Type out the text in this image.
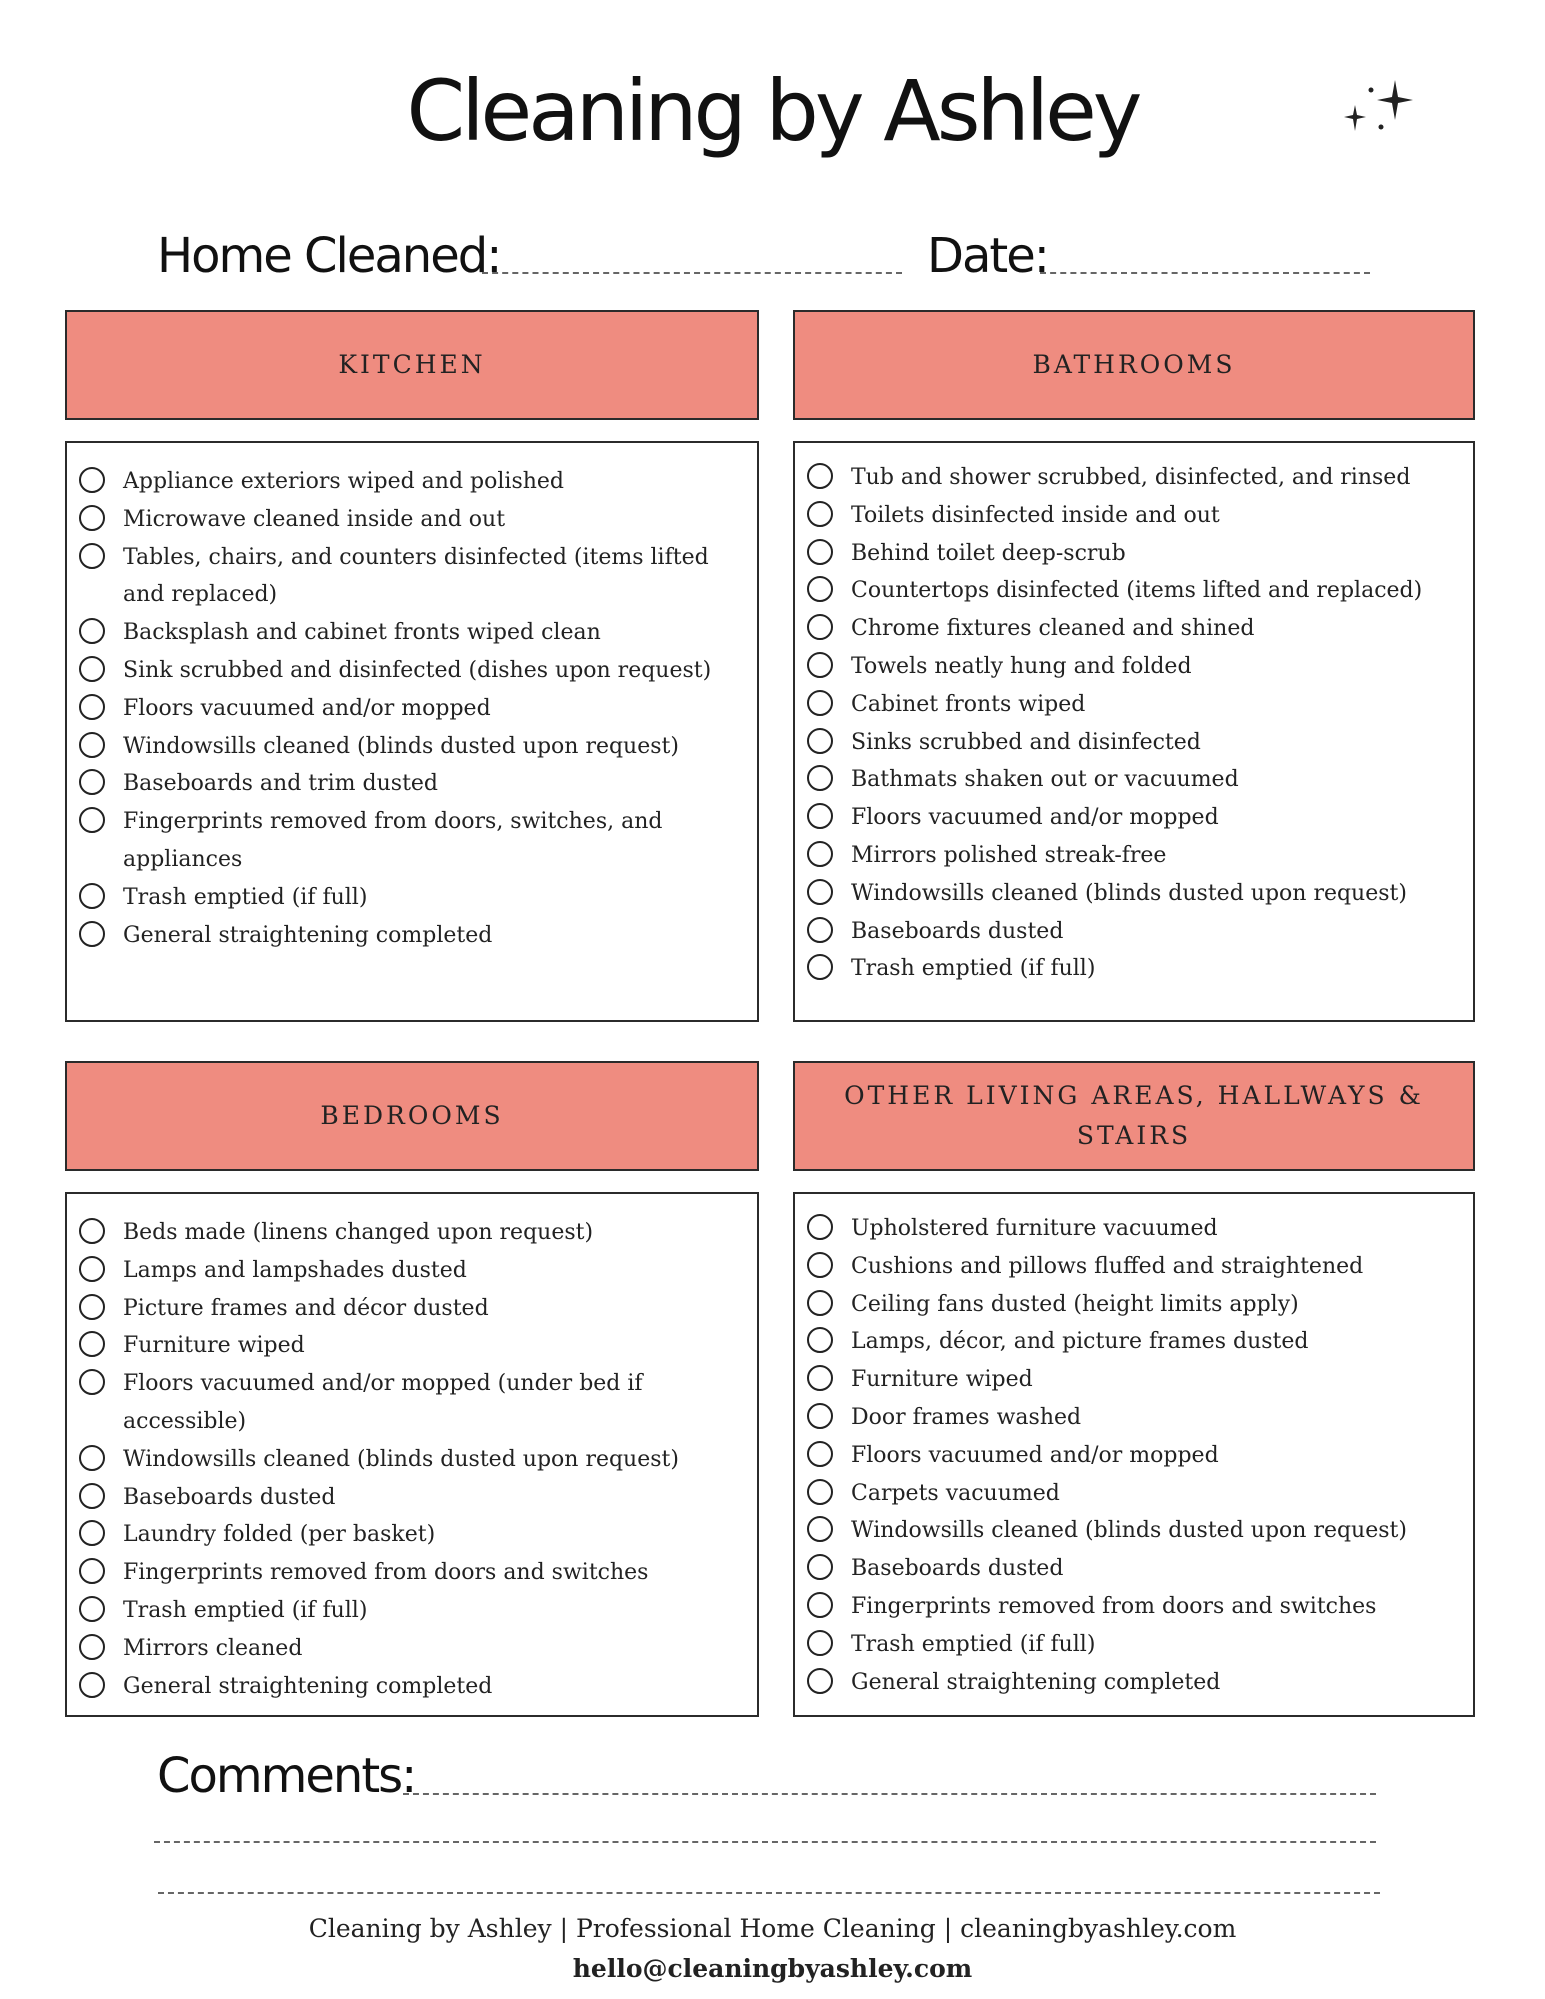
Cleaning by Ashley
Home Cleaned:	Date:
KITCHEN	BATHROOMS
BEDROOMS
OTHER LIVING AREAS, HALLWAYS & STAIRS
Appliance exteriors wiped and polished
Microwave cleaned inside and out
Tables, chairs, and counters disinfected (items lifted and replaced)
Backsplash and cabinet fronts wiped clean
Sink scrubbed and disinfected (dishes upon request)
Floors vacuumed and/or mopped
Windowsills cleaned (blinds dusted upon request)
Baseboards and trim dusted
Fingerprints removed from doors, switches, and appliances
Trash emptied (if full)
General straightening completed
Tub and shower scrubbed, disinfected, and rinsed
Toilets disinfected inside and out
Behind toilet deep-scrub
Countertops disinfected (items lifted and replaced)
Chrome fixtures cleaned and shined
Towels neatly hung and folded
Cabinet fronts wiped
Sinks scrubbed and disinfected
Bathmats shaken out or vacuumed
Floors vacuumed and/or mopped
Mirrors polished streak-free
Windowsills cleaned (blinds dusted upon request)
Baseboards dusted
Trash emptied (if full)
Beds made (linens changed upon request)
Lamps and lampshades dusted
Picture frames and décor dusted
Furniture wiped
Floors vacuumed and/or mopped (under bed if accessible)
Windowsills cleaned (blinds dusted upon request)
Baseboards dusted
Laundry folded (per basket)
Fingerprints removed from doors and switches
Trash emptied (if full)
Mirrors cleaned
General straightening completed
Upholstered furniture vacuumed
Cushions and pillows fluffed and straightened
Ceiling fans dusted (height limits apply)
Lamps, décor, and picture frames dusted
Furniture wiped
Door frames washed
Floors vacuumed and/or mopped
Carpets vacuumed
Windowsills cleaned (blinds dusted upon request)
Baseboards dusted
Fingerprints removed from doors and switches
Trash emptied (if full)
General straightening completed
Comments:
Cleaning by Ashley | Professional Home Cleaning | cleaningbyashley.com
hello@cleaningbyashley.com
